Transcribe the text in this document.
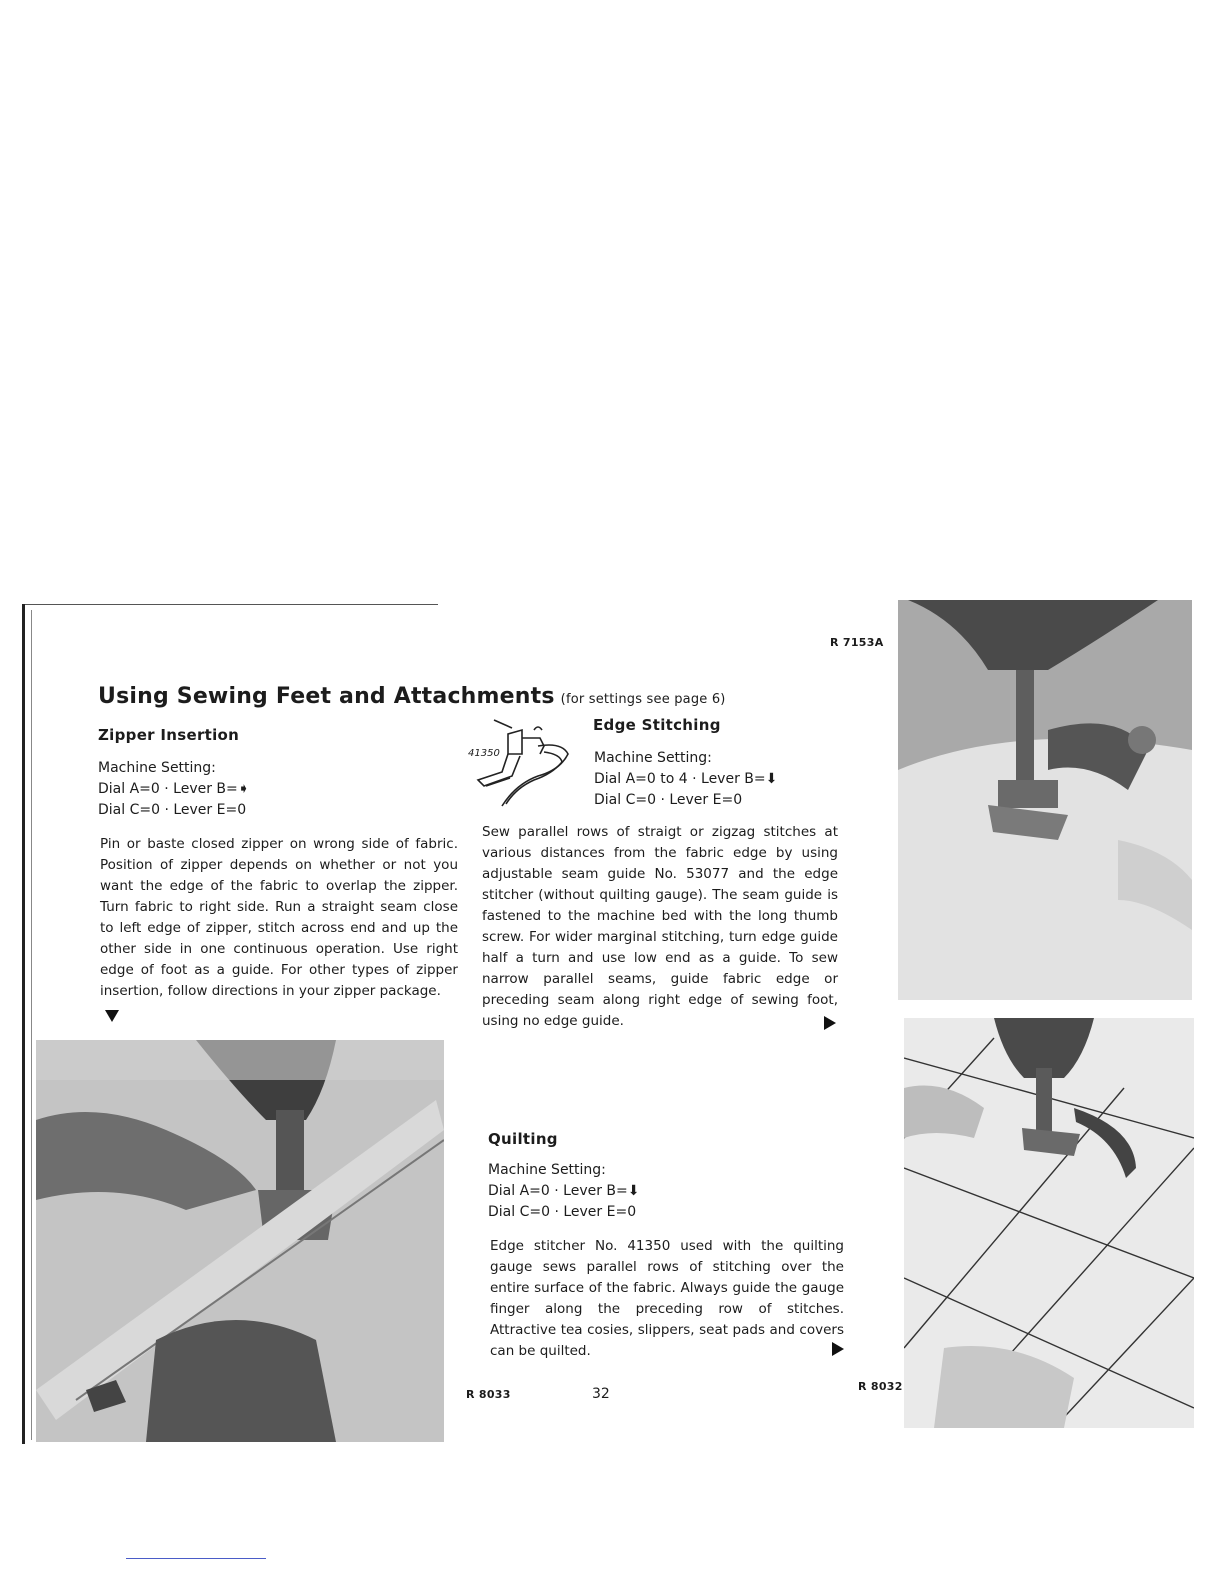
Using Sewing Feet and Attachments (for settings see page 6)
R 7153A
R 8033
R 8032
32
Zipper Insertion
Machine Setting:
Dial A=0 · Lever B=➧
Dial C=0 · Lever E=0

Pin or baste closed zipper on wrong side of fabric. Position of zipper depends on whether or not you want the edge of the fabric to overlap the zipper. Turn fabric to right side. Run a straight seam close to left edge of zipper, stitch across end and up the other side in one continuous operation. Use right edge of foot as a guide. For other types of zipper insertion, follow directions in your zipper package.

41350
Edge Stitching
Machine Setting:
Dial A=0 to 4 · Lever B=⬇
Dial C=0 · Lever E=0

Sew parallel rows of straigt or zigzag stitches at various distances from the fabric edge by using adjustable seam guide No. 53077 and the edge stitcher (without quilting gauge). The seam guide is fastened to the machine bed with the long thumb screw. For wider marginal stitching, turn edge guide half a turn and use low end as a guide. To sew narrow parallel seams, guide fabric edge or preceding seam along right edge of sewing foot, using no edge guide.

Quilting
Machine Setting:
Dial A=0 · Lever B=⬇
Dial C=0 · Lever E=0

Edge stitcher No. 41350 used with the quilting gauge sews parallel rows of stitching over the entire surface of the fabric. Always guide the gauge finger along the preceding row of stitches. Attractive tea cosies, slippers, seat pads and covers can be quilted.
